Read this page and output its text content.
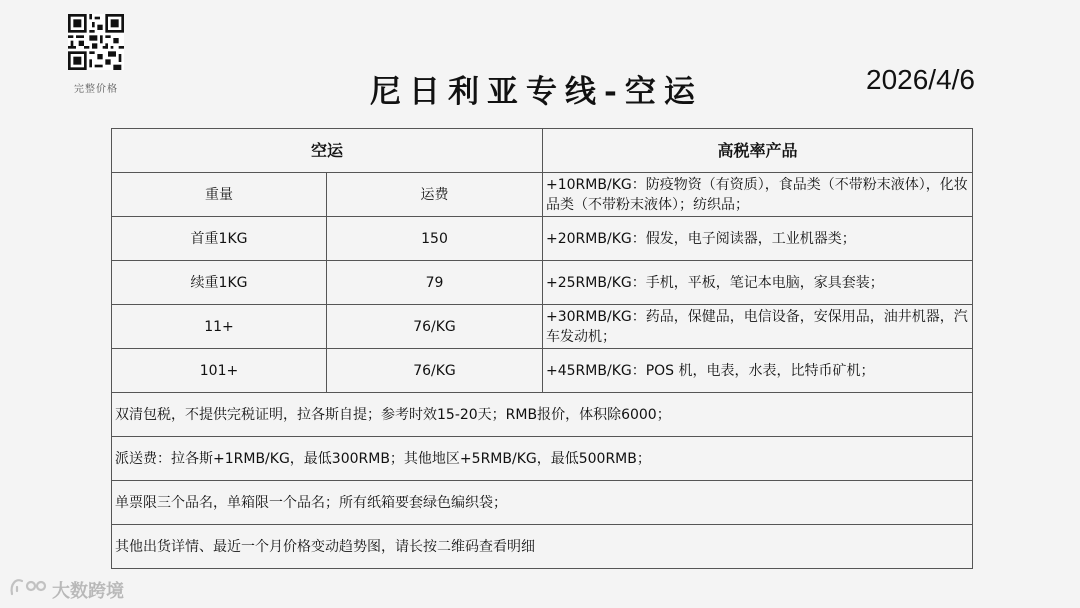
完整价格	尼日利亚专线-空运	2026/4/6
空运		高税率产品
重量	运费	+10RMB/KG：防疫物资（有资质），食品类（不带粉末液体），化妆品类（不带粉末液体）；纺织品；
首重1KG	150	+20RMB/KG：假发，电子阅读器，工业机器类；
续重1KG	79	+25RMB/KG：手机，平板，笔记本电脑，家具套装；
11+	76/KG	+30RMB/KG：药品，保健品，电信设备，安保用品，油井机器，汽车发动机；
101+	76/KG	+45RMB/KG：POS 机，电表，水表，比特币矿机；
双清包税，不提供完税证明，拉各斯自提；参考时效15-20天；RMB报价，体积除6000；		
派送费：拉各斯+1RMB/KG，最低300RMB；其他地区+5RMB/KG，最低500RMB；		
单票限三个品名，单箱限一个品名；所有纸箱要套绿色编织袋；		
其他出货详情、最近一个月价格变动趋势图，请长按二维码查看明细		
大数跨境
